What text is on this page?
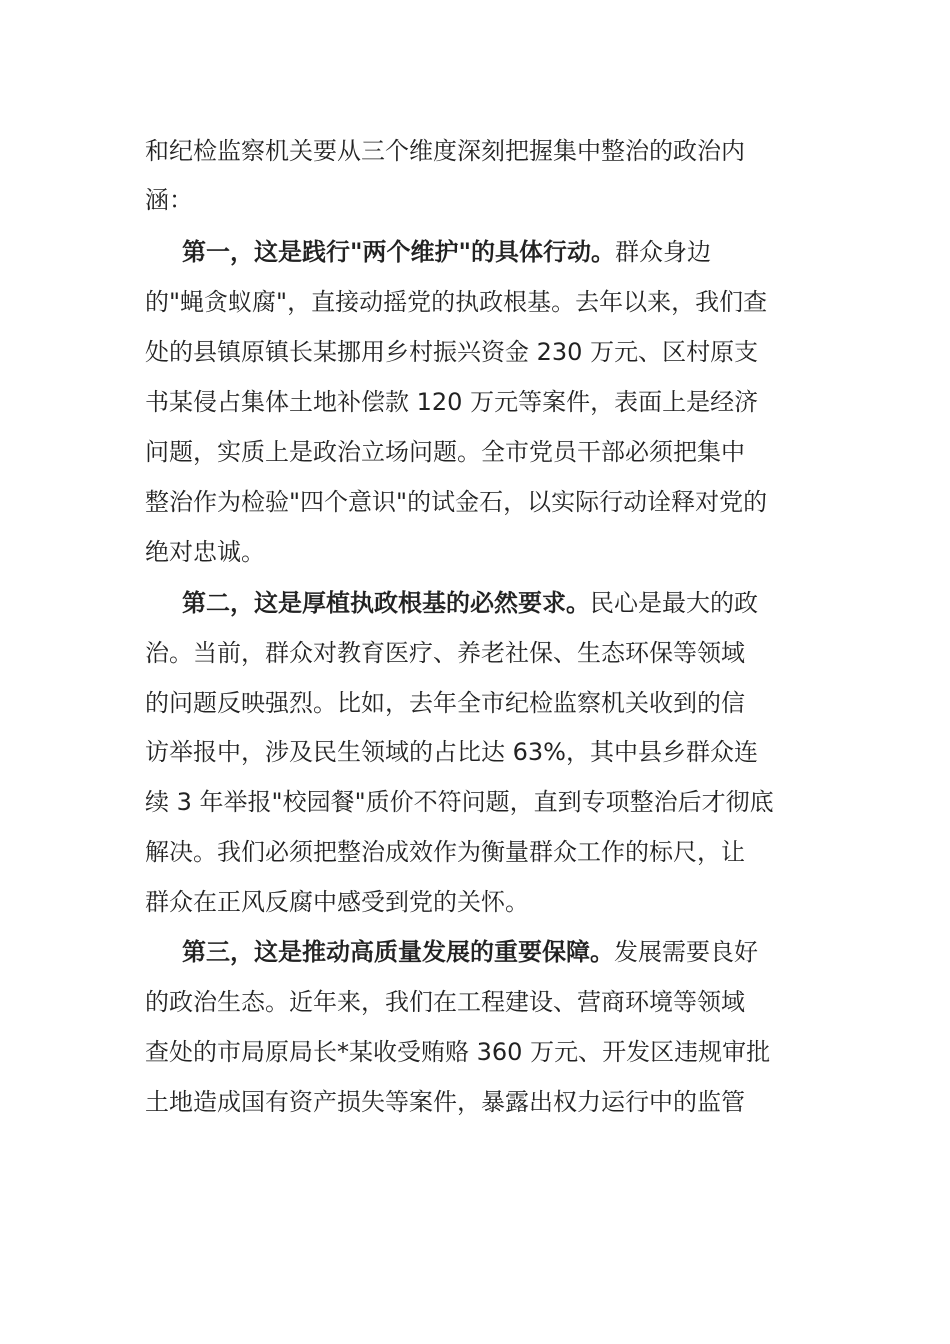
和纪检监察机关要从三个维度深刻把握集中整治的政治内
涵：
第一，这是践行"两个维护"的具体行动。群众身边
的"蝇贪蚁腐"，直接动摇党的执政根基。去年以来，我们查
处的县镇原镇长某挪用乡村振兴资金 230 万元、区村原支
书某侵占集体土地补偿款 120 万元等案件，表面上是经济
问题，实质上是政治立场问题。全市党员干部必须把集中
整治作为检验"四个意识"的试金石，以实际行动诠释对党的
绝对忠诚。
第二，这是厚植执政根基的必然要求。民心是最大的政
治。当前，群众对教育医疗、养老社保、生态环保等领域
的问题反映强烈。比如，去年全市纪检监察机关收到的信
访举报中，涉及民生领域的占比达 63%，其中县乡群众连
续 3 年举报"校园餐"质价不符问题，直到专项整治后才彻底
解决。我们必须把整治成效作为衡量群众工作的标尺，让
群众在正风反腐中感受到党的关怀。
第三，这是推动高质量发展的重要保障。发展需要良好
的政治生态。近年来，我们在工程建设、营商环境等领域
查处的市局原局长*某收受贿赂 360 万元、开发区违规审批
土地造成国有资产损失等案件，暴露出权力运行中的监管
